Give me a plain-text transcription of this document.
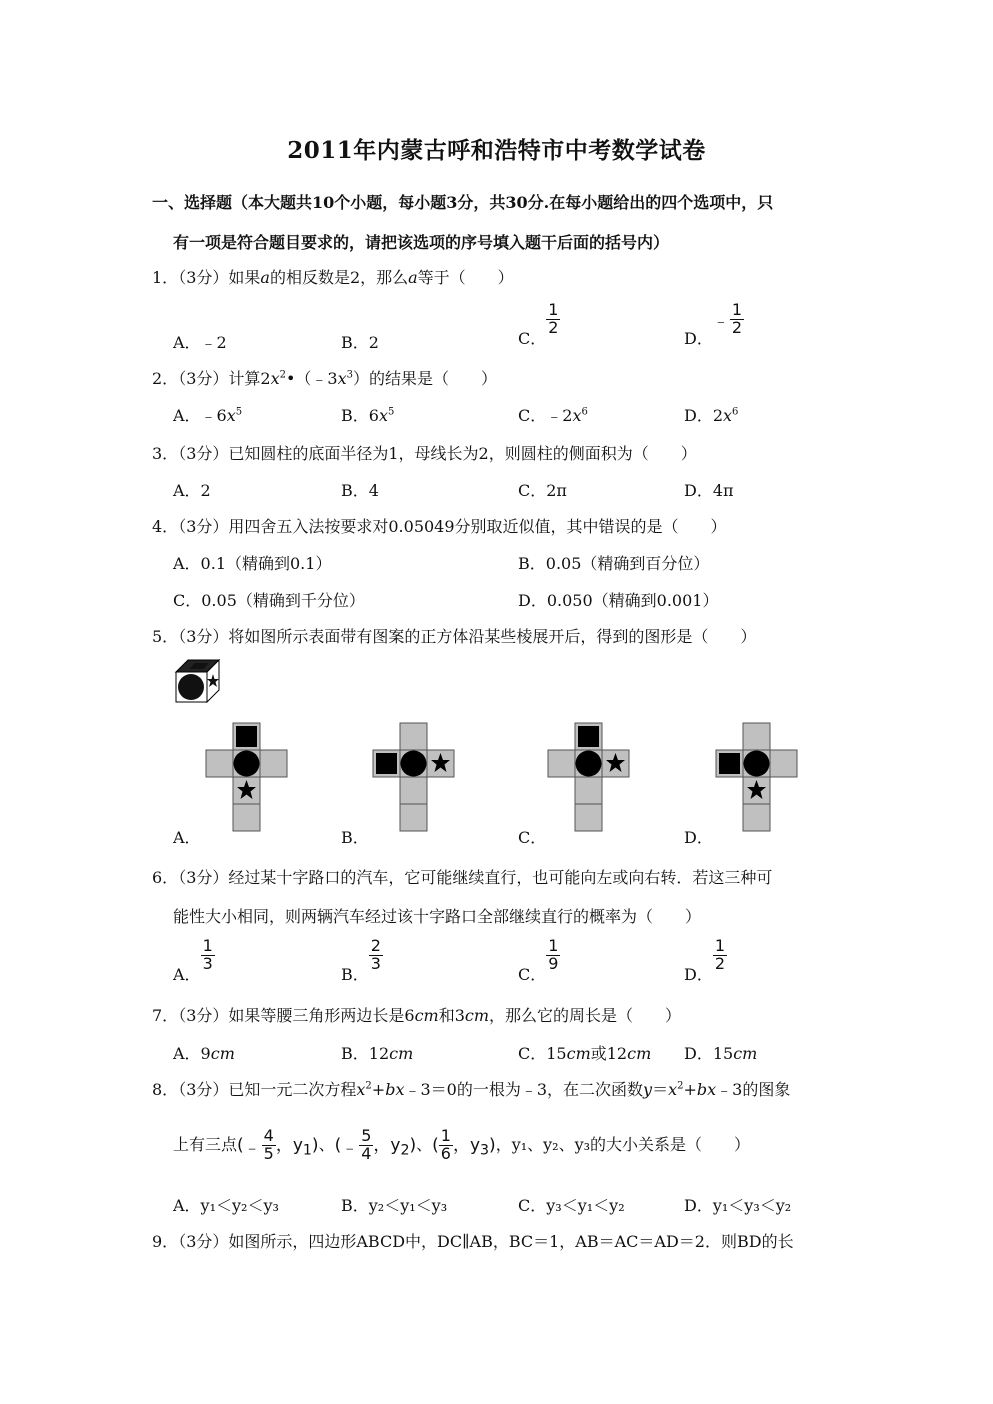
2011年内蒙古呼和浩特市中考数学试卷
一、选择题（本大题共10个小题，每小题3分，共30分.在每小题给出的四个选项中，只
有一项是符合题目要求的，请把该选项的序号填入题干后面的括号内）
1．（3分）如果a的相反数是2，那么a等于（　　）
A．﹣2	B．2	C．
$\frac{1}{2}$
D．﹣ $\frac{1}{2}$
2．（3分）计算$2x^2•(﹣3x^3)$的结果是（　　）
A．$﹣6x^5$	B．$6x^5$	C．$﹣2x^6$	D．$2x^6$
3．（3分）已知圆柱的底面半径为1，母线长为2，则圆柱的侧面积为（　　）
A．2	B．4	C．2π	D．4π
4．（3分）用四舍五入法按要求对0.05049分别取近似值，其中错误的是（　　）
A．0.1（精确到0.1）	B．0.05（精确到百分位）
C．0.05（精确到千分位）	D．0.050（精确到0.001）
5．（3分）将如图所示表面带有图案的正方体沿某些棱展开后，得到的图形是（　　）
A．	B．	C．	D．
6．（3分）经过某十字路口的汽车，它可能继续直行，也可能向左或向右转．若这三种可
能性大小相同，则两辆汽车经过该十字路口全部继续直行的概率为（　　）
A．
$\frac{1}{3}$
B．
$\frac{2}{3}$
C．
$\frac{1}{9}$
D．
$\frac{1}{2}$
7．（3分）如果等腰三角形两边长是6cm和3cm，那么它的周长是（　　）
A．9cm	B．12cm	C．15cm或12cm D．15cm
8．（3分）已知一元二次方程$x^2+bx﹣3=0$的一根为﹣3，在二次函数$y=x^2+bx﹣3$的图象
上有三点(﹣ $\frac{4}{5}$ ，$y_1$)、(﹣ $\frac{5}{4}$ ，$y_2$)、( $\frac{1}{6}$ ，$y_3$)，y₁、y₂、y₃的大小关系是（　　）
A．y₁＜y₂＜y₃	B．y₂＜y₁＜y₃	C．y₃＜y₁＜y₂	D．y₁＜y₃＜y₂
9．（3分）如图所示，四边形ABCD中，DC∥AB，BC＝1，AB＝AC＝AD＝2．则BD的长
